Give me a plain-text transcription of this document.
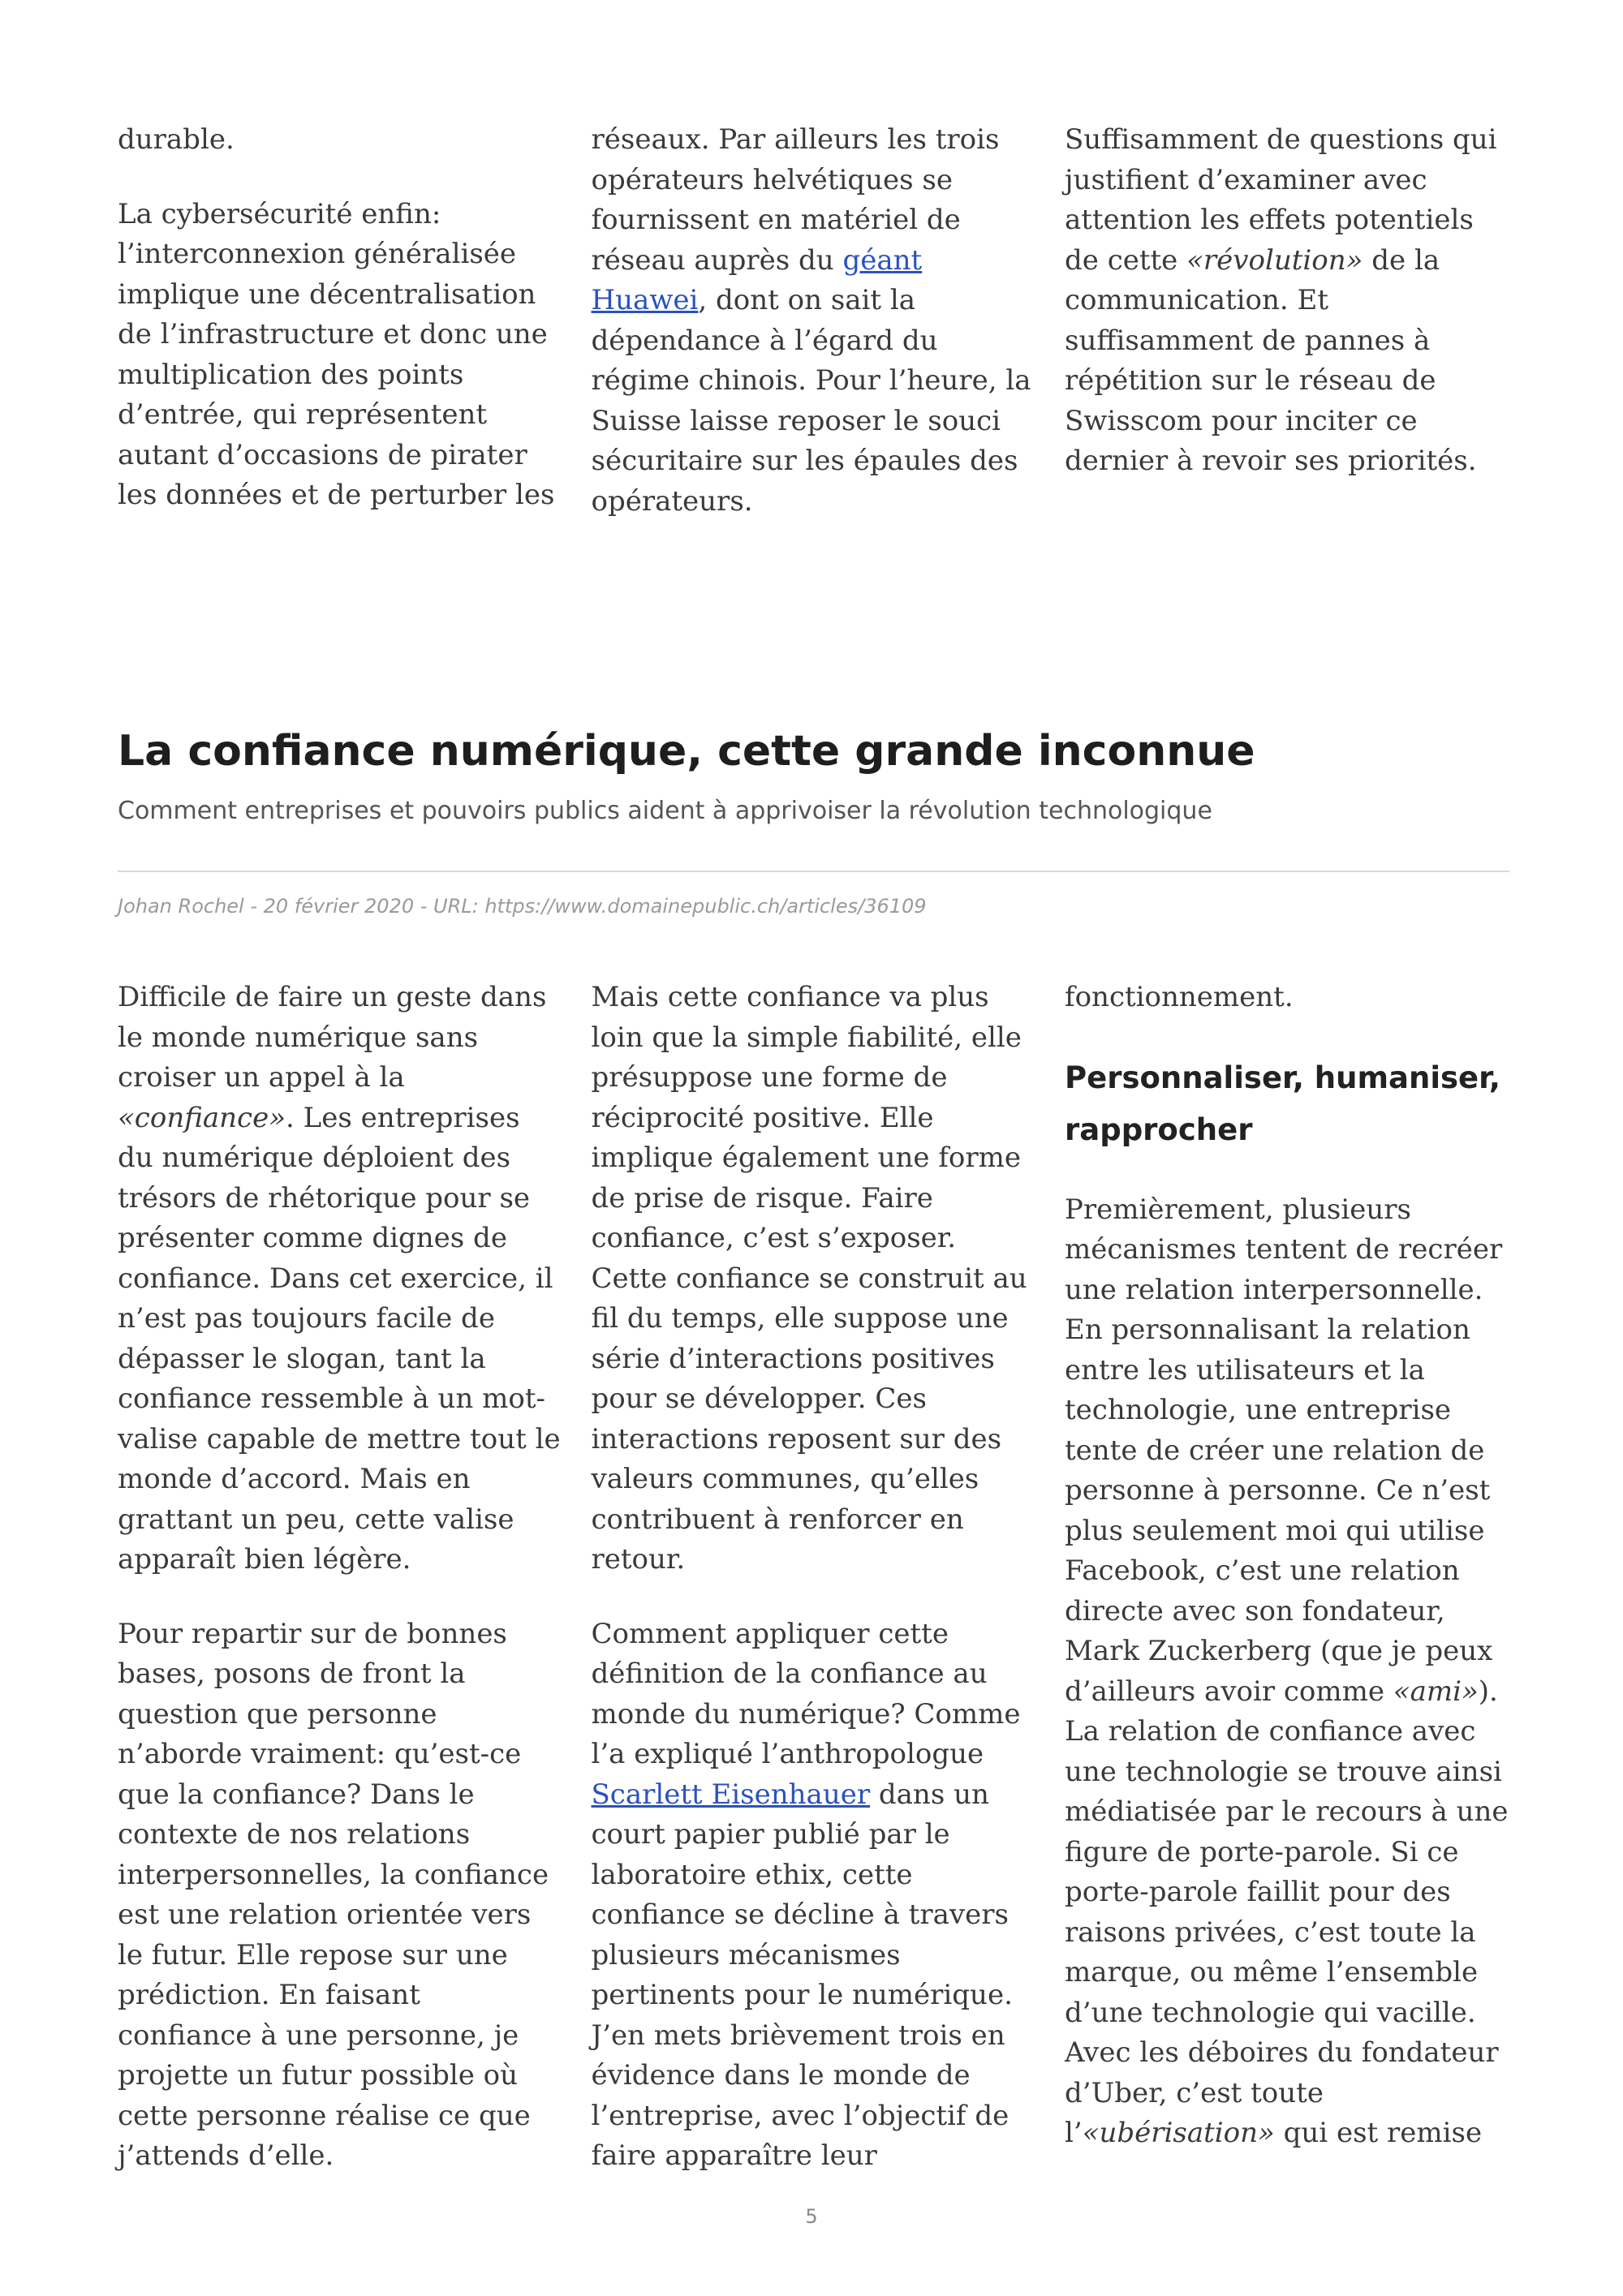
durable.

La cybersécurité enfin: l’interconnexion généralisée implique une décentralisation de l’infrastructure et donc une multiplication des points d’entrée, qui représentent autant d’occasions de pirater les données et de perturber les

réseaux. Par ailleurs les trois opérateurs helvétiques se fournissent en matériel de réseau auprès du géant Huawei, dont on sait la dépendance à l’égard du régime chinois. Pour l’heure, la Suisse laisse reposer le souci sécuritaire sur les épaules des opérateurs.

Suffisamment de questions qui justifient d’examiner avec attention les effets potentiels de cette «révolution» de la communication. Et suffisamment de pannes à répétition sur le réseau de Swisscom pour inciter ce dernier à revoir ses priorités.

La confiance numérique, cette grande inconnue
Comment entreprises et pouvoirs publics aident à apprivoiser la révolution technologique
Johan Rochel - 20 février 2020 - URL: https://www.domainepublic.ch/articles/36109

Difficile de faire un geste dans le monde numérique sans croiser un appel à la «confiance». Les entreprises du numérique déploient des trésors de rhétorique pour se présenter comme dignes de confiance. Dans cet exercice, il n’est pas toujours facile de dépasser le slogan, tant la confiance ressemble à un mot-valise capable de mettre tout le monde d’accord. Mais en grattant un peu, cette valise apparaît bien légère.

Pour repartir sur de bonnes bases, posons de front la question que personne n’aborde vraiment: qu’est-ce que la confiance? Dans le contexte de nos relations interpersonnelles, la confiance est une relation orientée vers le futur. Elle repose sur une prédiction. En faisant confiance à une personne, je projette un futur possible où cette personne réalise ce que j’attends d’elle.

Mais cette confiance va plus loin que la simple fiabilité, elle présuppose une forme de réciprocité positive. Elle implique également une forme de prise de risque. Faire confiance, c’est s’exposer. Cette confiance se construit au fil du temps, elle suppose une série d’interactions positives pour se développer. Ces interactions reposent sur des valeurs communes, qu’elles contribuent à renforcer en retour.

Comment appliquer cette définition de la confiance au monde du numérique? Comme l’a expliqué l’anthropologue Scarlett Eisenhauer dans un court papier publié par le laboratoire ethix, cette confiance se décline à travers plusieurs mécanismes pertinents pour le numérique. J’en mets brièvement trois en évidence dans le monde de l’entreprise, avec l’objectif de faire apparaître leur

fonctionnement.

Personnaliser, humaniser, rapprocher

Premièrement, plusieurs mécanismes tentent de recréer une relation interpersonnelle. En personnalisant la relation entre les utilisateurs et la technologie, une entreprise tente de créer une relation de personne à personne. Ce n’est plus seulement moi qui utilise Facebook, c’est une relation directe avec son fondateur, Mark Zuckerberg (que je peux d’ailleurs avoir comme «ami»). La relation de confiance avec une technologie se trouve ainsi médiatisée par le recours à une figure de porte-parole. Si ce porte-parole faillit pour des raisons privées, c’est toute la marque, ou même l’ensemble d’une technologie qui vacille. Avec les déboires du fondateur d’Uber, c’est toute l’«ubérisation» qui est remise

5
